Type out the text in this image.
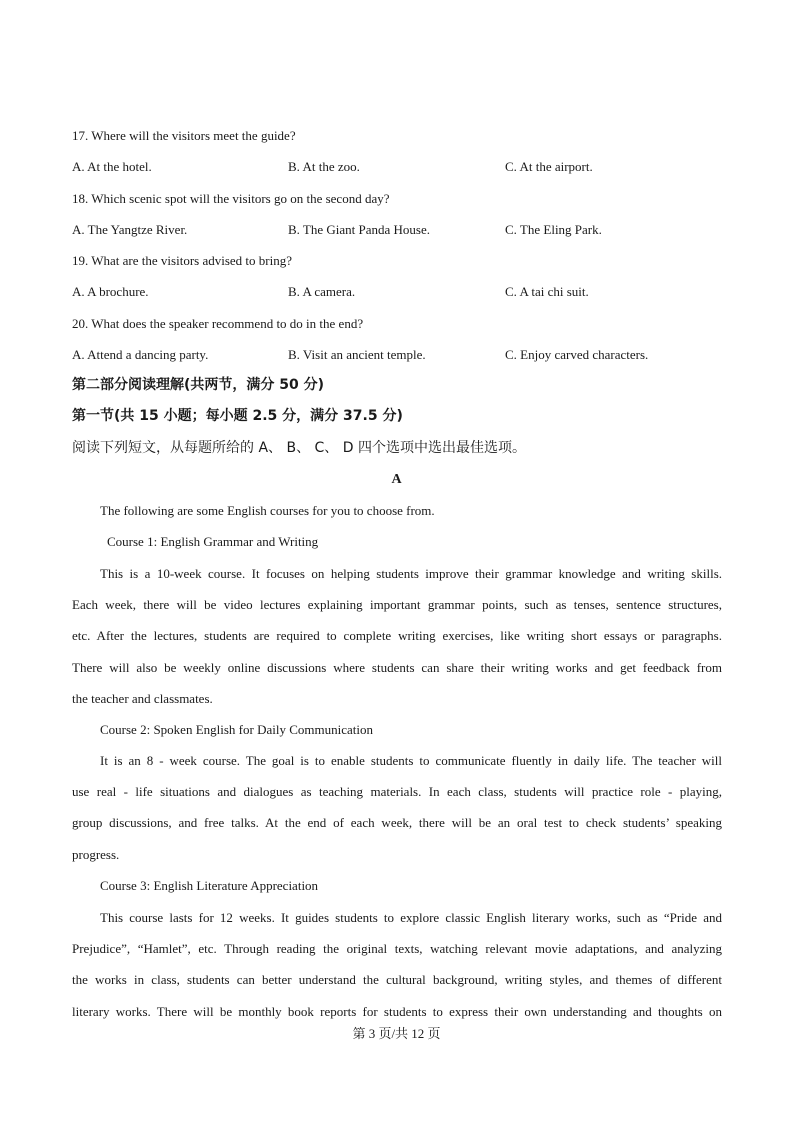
17. Where will the visitors meet the guide?
A. At the hotel.	B. At the zoo.	C. At the airport.
18. Which scenic spot will the visitors go on the second day?
A. The Yangtze River.	B. The Giant Panda House.	C. The Eling Park.
19. What are the visitors advised to bring?
A. A brochure.	B. A camera.	C. A tai chi suit.
20. What does the speaker recommend to do in the end?
A. Attend a dancing party.	B. Visit an ancient temple.	C. Enjoy carved characters.
第二部分阅读理解(共两节，满分 50 分)
第一节(共 15 小题；每小题 2.5 分，满分 37.5 分)
阅读下列短文，从每题所给的 A、 B、 C、 D 四个选项中选出最佳选项。
A
The following are some English courses for you to choose from.
Course 1: English Grammar and Writing
This is a 10-week course. It focuses on helping students improve their grammar knowledge and writing skills.
Each week, there will be video lectures explaining important grammar points, such as tenses, sentence structures,
etc. After the lectures, students are required to complete writing exercises, like writing short essays or paragraphs.
There will also be weekly online discussions where students can share their writing works and get feedback from
the teacher and classmates.
Course 2: Spoken English for Daily Communication
It is an 8 - week course. The goal is to enable students to communicate fluently in daily life. The teacher will
use real - life situations and dialogues as teaching materials. In each class, students will practice role - playing,
group discussions, and free talks. At the end of each week, there will be an oral test to check students’ speaking
progress.
Course 3: English Literature Appreciation
This course lasts for 12 weeks. It guides students to explore classic English literary works, such as “Pride and
Prejudice”, “Hamlet”, etc. Through reading the original texts, watching relevant movie adaptations, and analyzing
the works in class, students can better understand the cultural background, writing styles, and themes of different
literary works. There will be monthly book reports for students to express their own understanding and thoughts on
第 3 页/共 12 页
